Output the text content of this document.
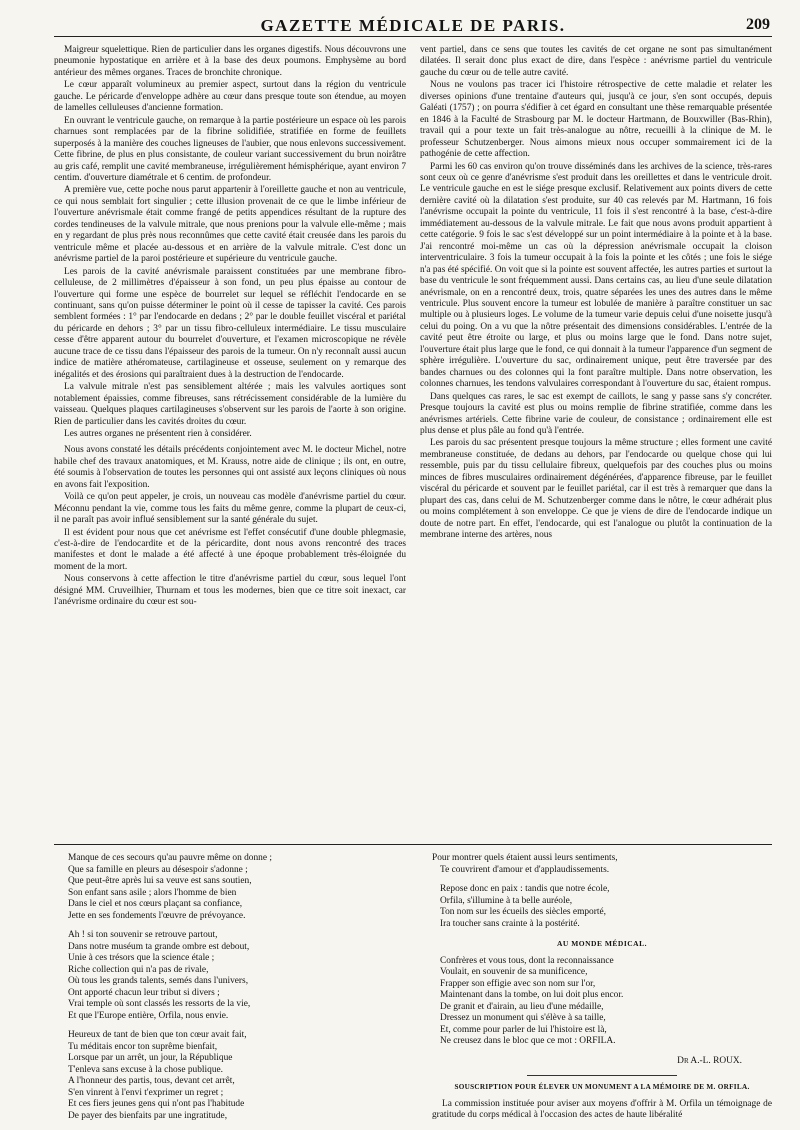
GAZETTE MÉDICALE DE PARIS.	209

Maigreur squelettique. Rien de particulier dans les organes digestifs. Nous découvrons une pneumonie hypostatique en arrière et à la base des deux poumons. Emphysème au bord antérieur des mêmes organes. Traces de bronchite chronique.

Le cœur apparaît volumineux au premier aspect, surtout dans la région du ventricule gauche. Le péricarde d'enveloppe adhère au cœur dans presque toute son étendue, au moyen de lamelles celluleuses d'ancienne formation.

En ouvrant le ventricule gauche, on remarque à la partie postérieure un espace où les parois charnues sont remplacées par de la fibrine solidifiée, stratifiée en forme de feuillets superposés à la manière des couches ligneuses de l'aubier, que nous enlevons successivement. Cette fibrine, de plus en plus consistante, de couleur variant successivement du brun noirâtre au gris café, remplit une cavité membraneuse, irrégulièrement hémisphérique, ayant environ 7 centim. d'ouverture diamétrale et 6 centim. de profondeur.

A première vue, cette poche nous parut appartenir à l'oreillette gauche et non au ventricule, ce qui nous semblait fort singulier ; cette illusion provenait de ce que le limbe inférieur de l'ouverture anévrismale était comme frangé de petits appendices résultant de la rupture des cordes tendineuses de la valvule mitrale, que nous prenions pour la valvule elle-même ; mais en y regardant de plus près nous reconnûmes que cette cavité était creusée dans les parois du ventricule même et placée au-dessous et en arrière de la valvule mitrale. C'est donc un anévrisme partiel de la paroi postérieure et supérieure du ventricule gauche.

Les parois de la cavité anévrismale paraissent constituées par une membrane fibro-celluleuse, de 2 millimètres d'épaisseur à son fond, un peu plus épaisse au contour de l'ouverture qui forme une espèce de bourrelet sur lequel se réfléchit l'endocarde en se continuant, sans qu'on puisse déterminer le point où il cesse de tapisser la cavité. Ces parois semblent formées : 1° par l'endocarde en dedans ; 2° par le double feuillet viscéral et pariétal du péricarde en dehors ; 3° par un tissu fibro-celluleux intermédiaire. Le tissu musculaire cesse d'être apparent autour du bourrelet d'ouverture, et l'examen microscopique ne révèle aucune trace de ce tissu dans l'épaisseur des parois de la tumeur. On n'y reconnaît aussi aucun indice de matière athéromateuse, cartilagineuse et osseuse, seulement on y remarque des inégalités et des érosions qui paraîtraient dues à la destruction de l'endocarde.

La valvule mitrale n'est pas sensiblement altérée ; mais les valvules aortiques sont notablement épaissies, comme fibreuses, sans rétrécissement considérable de la lumière du vaisseau. Quelques plaques cartilagineuses s'observent sur les parois de l'aorte à son origine. Rien de particulier dans les cavités droites du cœur.

Les autres organes ne présentent rien à considérer.

Nous avons constaté les détails précédents conjointement avec M. le docteur Michel, notre habile chef des travaux anatomiques, et M. Krauss, notre aide de clinique ; ils ont, en outre, été soumis à l'observation de toutes les personnes qui ont assisté aux leçons cliniques où nous en avons fait l'exposition.

Voilà ce qu'on peut appeler, je crois, un nouveau cas modèle d'anévrisme partiel du cœur. Méconnu pendant la vie, comme tous les faits du même genre, comme la plupart de ceux-ci, il ne paraît pas avoir influé sensiblement sur la santé générale du sujet.

Il est évident pour nous que cet anévrisme est l'effet consécutif d'une double phlegmasie, c'est-à-dire de l'endocardite et de la péricardite, dont nous avons rencontré des traces manifestes et dont le malade a été affecté à une époque probablement très-éloignée du moment de la mort.

Nous conservons à cette affection le titre d'anévrisme partiel du cœur, sous lequel l'ont désigné MM. Cruveilhier, Thurnam et tous les modernes, bien que ce titre soit inexact, car l'anévrisme ordinaire du cœur est sou-

vent partiel, dans ce sens que toutes les cavités de cet organe ne sont pas simultanément dilatées. Il serait donc plus exact de dire, dans l'espèce : anévrisme partiel du ventricule gauche du cœur ou de telle autre cavité.

Nous ne voulons pas tracer ici l'histoire rétrospective de cette maladie et relater les diverses opinions d'une trentaine d'auteurs qui, jusqu'à ce jour, s'en sont occupés, depuis Galéati (1757) ; on pourra s'édifier à cet égard en consultant une thèse remarquable présentée en 1846 à la Faculté de Strasbourg par M. le docteur Hartmann, de Bouxwiller (Bas-Rhin), travail qui a pour texte un fait très-analogue au nôtre, recueilli à la clinique de M. le professeur Schutzenberger. Nous aimons mieux nous occuper sommairement ici de la pathogénie de cette affection.

Parmi les 60 cas environ qu'on trouve disséminés dans les archives de la science, très-rares sont ceux où ce genre d'anévrisme s'est produit dans les oreillettes et dans le ventricule droit. Le ventricule gauche en est le siége presque exclusif. Relativement aux points divers de cette dernière cavité où la dilatation s'est produite, sur 40 cas relevés par M. Hartmann, 16 fois l'anévrisme occupait la pointe du ventricule, 11 fois il s'est rencontré à la base, c'est-à-dire immédiatement au-dessous de la valvule mitrale. Le fait que nous avons produit appartient à cette catégorie. 9 fois le sac s'est développé sur un point intermédiaire à la pointe et à la base. J'ai rencontré moi-même un cas où la dépression anévrismale occupait la cloison interventriculaire. 3 fois la tumeur occupait à la fois la pointe et les côtés ; une fois le siége n'a pas été spécifié. On voit que si la pointe est souvent affectée, les autres parties et surtout la base du ventricule le sont fréquemment aussi. Dans certains cas, au lieu d'une seule dilatation anévrismale, on en a rencontré deux, trois, quatre séparées les unes des autres dans le même ventricule. Plus souvent encore la tumeur est lobulée de manière à paraître constituer un sac multiple ou à plusieurs loges. Le volume de la tumeur varie depuis celui d'une noisette jusqu'à celui du poing. On a vu que la nôtre présentait des dimensions considérables. L'entrée de la cavité peut être étroite ou large, et plus ou moins large que le fond. Dans notre sujet, l'ouverture était plus large que le fond, ce qui donnait à la tumeur l'apparence d'un segment de sphère irrégulière. L'ouverture du sac, ordinairement unique, peut être traversée par des bandes charnues ou des colonnes qui la font paraître multiple. Dans notre observation, les colonnes charnues, les tendons valvulaires correspondant à l'ouverture du sac, étaient rompus.

Dans quelques cas rares, le sac est exempt de caillots, le sang y passe sans s'y concréter. Presque toujours la cavité est plus ou moins remplie de fibrine stratifiée, comme dans les anévrismes artériels. Cette fibrine varie de couleur, de consistance ; ordinairement elle est plus dense et plus pâle au fond qu'à l'entrée.

Les parois du sac présentent presque toujours la même structure ; elles forment une cavité membraneuse constituée, de dedans au dehors, par l'endocarde ou quelque chose qui lui ressemble, puis par du tissu cellulaire fibreux, quelquefois par des couches plus ou moins minces de fibres musculaires ordinairement dégénérées, d'apparence fibreuse, par le feuillet viscéral du péricarde et souvent par le feuillet pariétal, car il est très à remarquer que dans la plupart des cas, dans celui de M. Schutzenberger comme dans le nôtre, le cœur adhérait plus ou moins complétement à son enveloppe. Ce que je viens de dire de l'endocarde indique un doute de notre part. En effet, l'endocarde, qui est l'analogue ou plutôt la continuation de la membrane interne des artères, nous

Manque de ces secours qu'au pauvre même on donne ;
Que sa famille en pleurs au désespoir s'adonne ;
Que peut-être après lui sa veuve est sans soutien,
Son enfant sans asile ; alors l'homme de bien
Dans le ciel et nos cœurs plaçant sa confiance,
Jette en ses fondements l'œuvre de prévoyance.
Ah ! si ton souvenir se retrouve partout,
Dans notre muséum ta grande ombre est debout,
Unie à ces trésors que la science étale ;
Riche collection qui n'a pas de rivale,
Où tous les grands talents, semés dans l'univers,
Ont apporté chacun leur tribut si divers ;
Vrai temple où sont classés les ressorts de la vie,
Et que l'Europe entière, Orfila, nous envie.
Heureux de tant de bien que ton cœur avait fait,
Tu méditais encor ton suprême bienfait,
Lorsque par un arrêt, un jour, la République
T'enleva sans excuse à la chose publique.
A l'honneur des partis, tous, devant cet arrêt,
S'en vinrent à l'envi t'exprimer un regret ;
Et ces fiers jeunes gens qui n'ont pas l'habitude
De payer des bienfaits par une ingratitude,
Pour montrer quels étaient aussi leurs sentiments,
Te couvrirent d'amour et d'applaudissements.
Repose donc en paix : tandis que notre école,
Orfila, s'illumine à ta belle auréole,
Ton nom sur les écueils des siècles emporté,
Ira toucher sans crainte à la postérité.
AU MONDE MÉDICAL.
Confrères et vous tous, dont la reconnaissance
Voulait, en souvenir de sa munificence,
Frapper son effigie avec son nom sur l'or,
Maintenant dans la tombe, on lui doit plus encor.
De granit et d'airain, au lieu d'une médaille,
Dressez un monument qui s'élève à sa taille,
Et, comme pour parler de lui l'histoire est là,
Ne creusez dans le bloc que ce mot : ORFILA.
Dr A.-L. ROUX.
SOUSCRIPTION POUR ÉLEVER UN MONUMENT A LA MÉMOIRE DE M. ORFILA.
La commission instituée pour aviser aux moyens d'offrir à M. Orfila un témoignage de gratitude du corps médical à l'occasion des actes de haute libéralité
